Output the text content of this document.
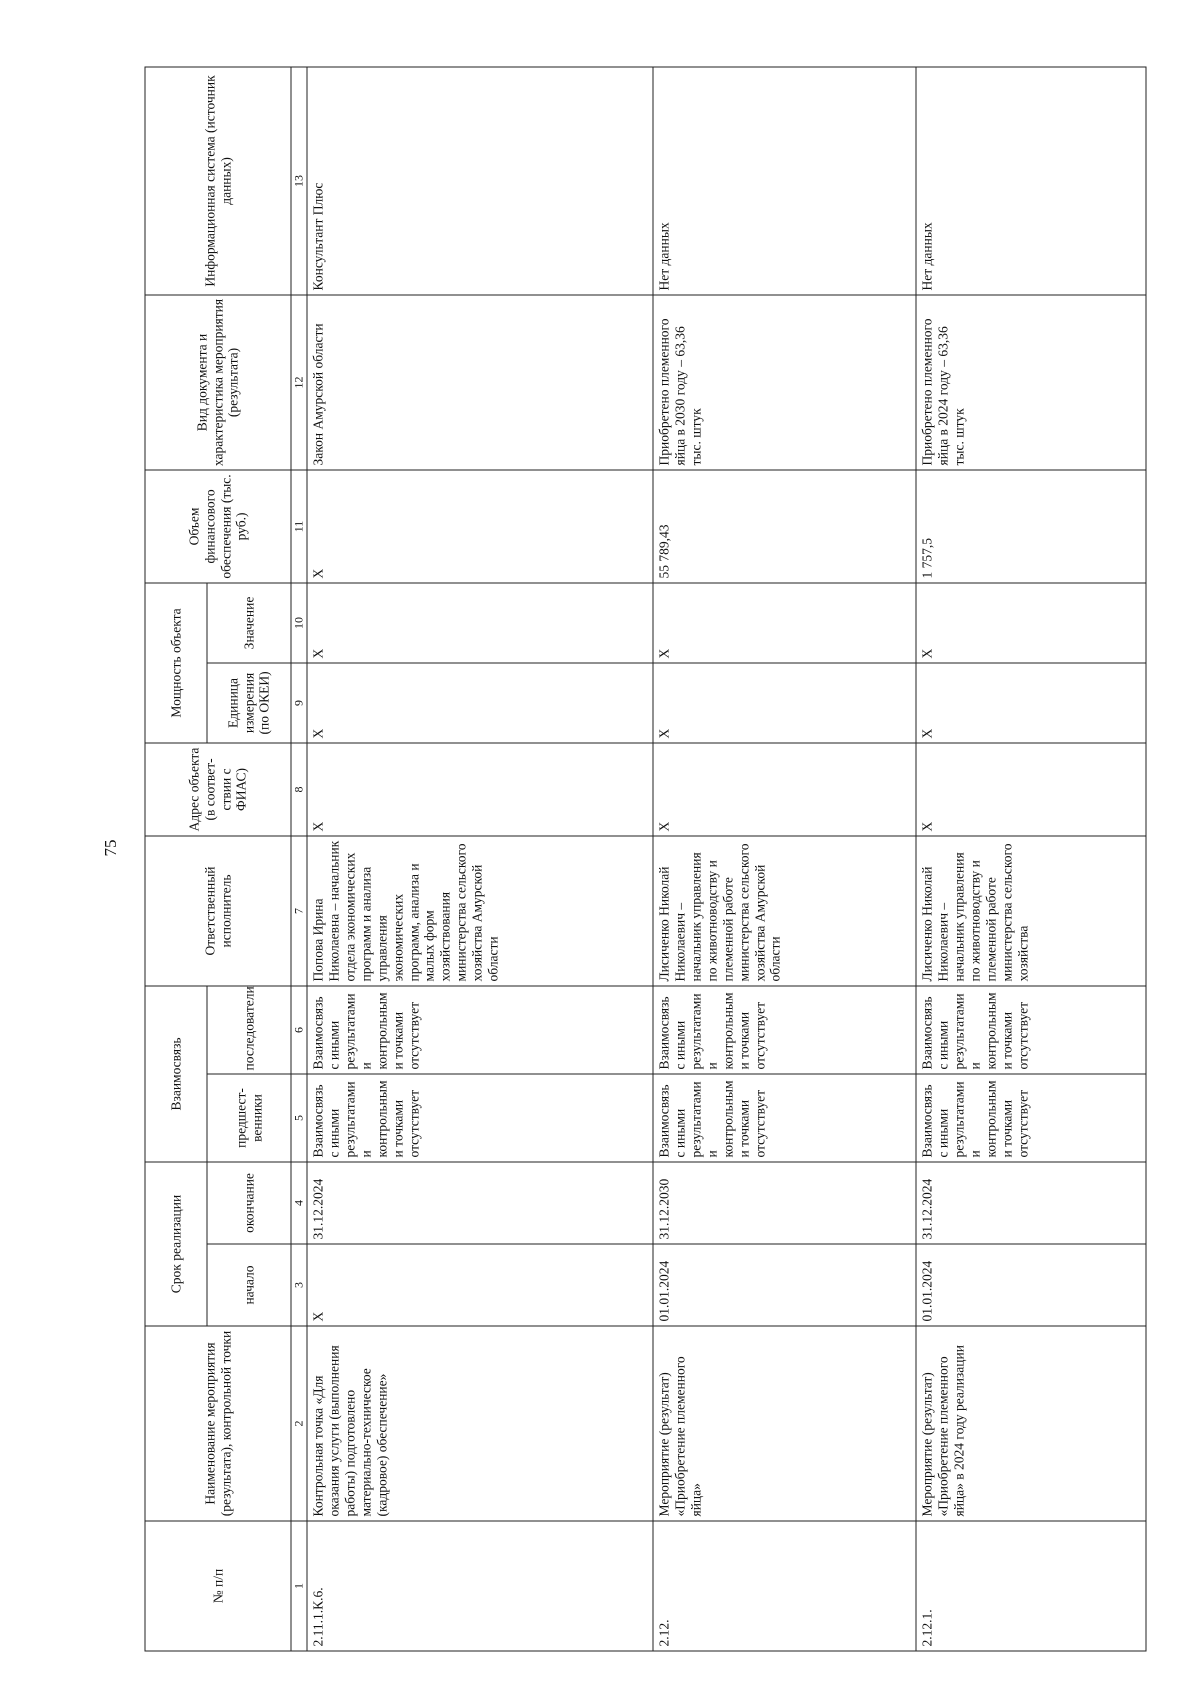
75
№ п/п	Наименование мероприятия (результата), контрольной точки	Срок реализации		Взаимосвязь		Ответственный исполнитель	Адрес объекта (в соответ-ствии с ФИАС)	Мощность объекта		Объем финансового обеспечения (тыс. руб.)	Вид документа и характеристика мероприятия (результата)	Информационная система (источник данных)
		начало	окончание	предшест-венники	последователи			Единица измерения (по ОКЕИ)	Значение			
1	2	3	4	5	6	7	8	9	10	11	12	13
2.11.1.К.6.	Контрольная точка «Для оказания услуги (выполнения работы) подготовлено материально-техническое (кадровое) обеспечение»	X	31.12.2024	Взаимосвязь с иными результатами и контрольными точками отсутствует	Взаимосвязь с иными результатами и контрольными точками отсутствует	Попова Ирина Николаевна – начальник отдела экономических программ и анализа управления экономических программ, анализа и малых форм хозяйствования министерства сельского хозяйства Амурской области	X	X	X	X	Закон Амурской области	Консультант Плюс
2.12.	Мероприятие (результат) «Приобретение племенного яйца»	01.01.2024	31.12.2030	Взаимосвязь с иными результатами и контрольными точками отсутствует	Взаимосвязь с иными результатами и контрольными точками отсутствует	Лисиченко Николай Николаевич – начальник управления по животноводству и племенной работе министерства сельского хозяйства Амурской области	X	X	X	55 789,43	Приобретено племенного яйца в 2030 году – 63,36 тыс. штук	Нет данных
2.12.1.	Мероприятие (результат) «Приобретение племенного яйца» в 2024 году реализации	01.01.2024	31.12.2024	Взаимосвязь с иными результатами и контрольными точками отсутствует	Взаимосвязь с иными результатами и контрольными точками отсутствует	Лисиченко Николай Николаевич – начальник управления по животноводству и племенной работе министерства сельского хозяйства	X	X	X	1 757,5	Приобретено племенного яйца в 2024 году – 63,36 тыс. штук	Нет данных
